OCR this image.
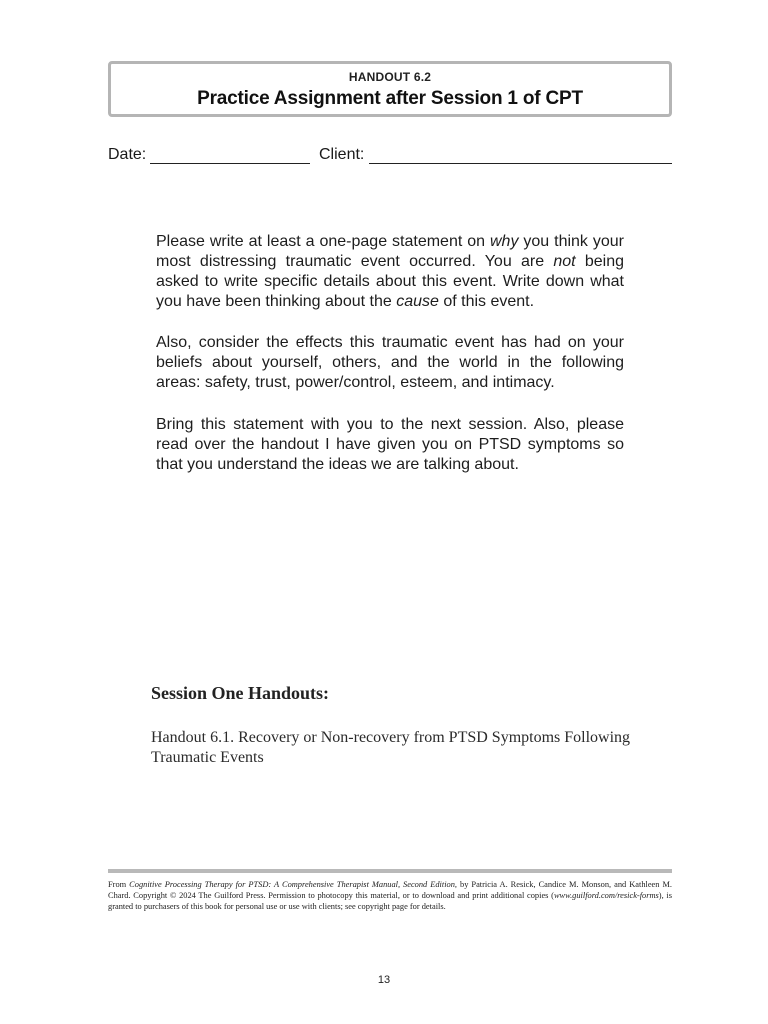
HANDOUT 6.2
Practice Assignment after Session 1 of CPT
Date:	Client:
Please write at least a one-page statement on why you think your most distressing traumatic event occurred. You are not being asked to write specific details about this event. Write down what you have been thinking about the cause of this event.
Also, consider the effects this traumatic event has had on your beliefs about yourself, others, and the world in the following areas: safety, trust, power/control, esteem, and intimacy.
Bring this statement with you to the next session. Also, please read over the handout I have given you on PTSD symptoms so that you understand the ideas we are talking about.
Session One Handouts:
Handout 6.1. Recovery or Non-recovery from PTSD Symptoms Following Traumatic Events
From Cognitive Processing Therapy for PTSD: A Comprehensive Therapist Manual, Second Edition, by Patricia A. Resick, Candice M. Monson, and Kathleen M. Chard. Copyright © 2024 The Guilford Press. Permission to photocopy this material, or to download and print additional copies (www.guilford.com/resick-forms), is granted to purchasers of this book for personal use or use with clients; see copyright page for details.
13
